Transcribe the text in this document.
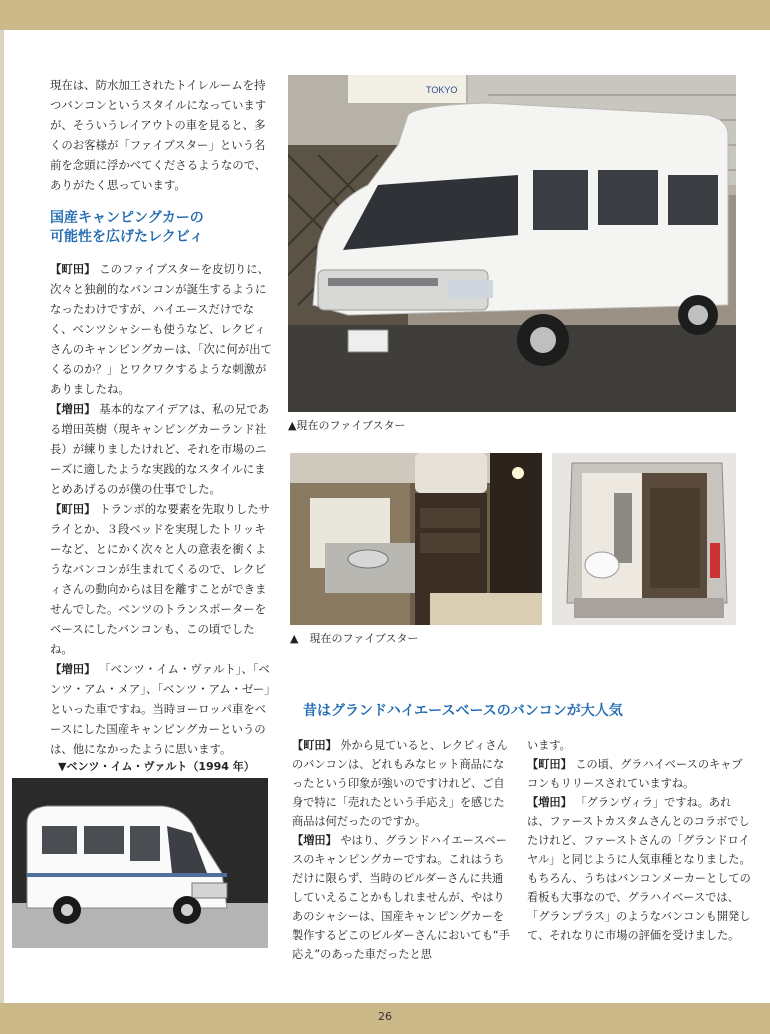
現在は、防水加工されたトイレルームを持つバンコンというスタイルになっていますが、そういうレイアウトの車を見ると、多くのお客様が「ファイブスター」という名前を念頭に浮かべてくださるようなので、ありがたく思っています。

国産キャンピングカーの
可能性を広げたレクビィ

【町田】 このファイブスターを皮切りに、次々と独創的なバンコンが誕生するようになったわけですが、ハイエースだけでなく、ベンツシャシーも使うなど、レクビィさんのキャンピングカーは、「次に何が出てくるのか？」とワクワクするような刺激がありましたね。

【増田】 基本的なアイデアは、私の兄である増田英樹（現キャンピングカーランド社長）が練りましたけれど、それを市場のニーズに適したような実践的なスタイルにまとめあげるのが僕の仕事でした。

【町田】 トランポ的な要素を先取りしたサライとか、３段ベッドを実現したトリッキーなど、とにかく次々と人の意表を衝くようなバンコンが生まれてくるので、レクビィさんの動向からは目を離すことができませんでした。ベンツのトランスポーターをベースにしたバンコンも、この頃でしたね。

【増田】 「ベンツ・イム・ヴァルト」、「ベンツ・アム・メア」、「ベンツ・アム・ゼー」といった車ですね。当時ヨーロッパ車をベースにした国産キャンピングカーというのは、他になかったように思います。

TOKYO
▲現在のファイブスター
▲　現在のファイブスター
昔はグランドハイエースベースのバンコンが大人気

【町田】 外から見ていると、レクビィさんのバンコンは、どれもみなヒット商品になったという印象が強いのですけれど、ご自身で特に「売れたという手応え」を感じた商品は何だったのですか。

【増田】 やはり、グランドハイエースベースのキャンピングカーですね。これはうちだけに限らず、当時のビルダーさんに共通していえることかもしれませんが、やはりあのシャシーは、国産キャンピングカーを製作するどこのビルダーさんにおいても“手応え”のあった車だったと思

います。

【町田】 この頃、グラハイベースのキャブコンもリリースされていますね。

【増田】 「グランヴィラ」ですね。あれは、ファーストカスタムさんとのコラボでしたけれど、ファーストさんの「グランドロイヤル」と同じように人気車種となりました。もちろん、うちはバンコンメーカーとしての看板も大事なので、グラハイベースでは、「グランプラス」のようなバンコンも開発して、それなりに市場の評価を受けました。

▼ベンツ・イム・ヴァルト（1994 年）
26
